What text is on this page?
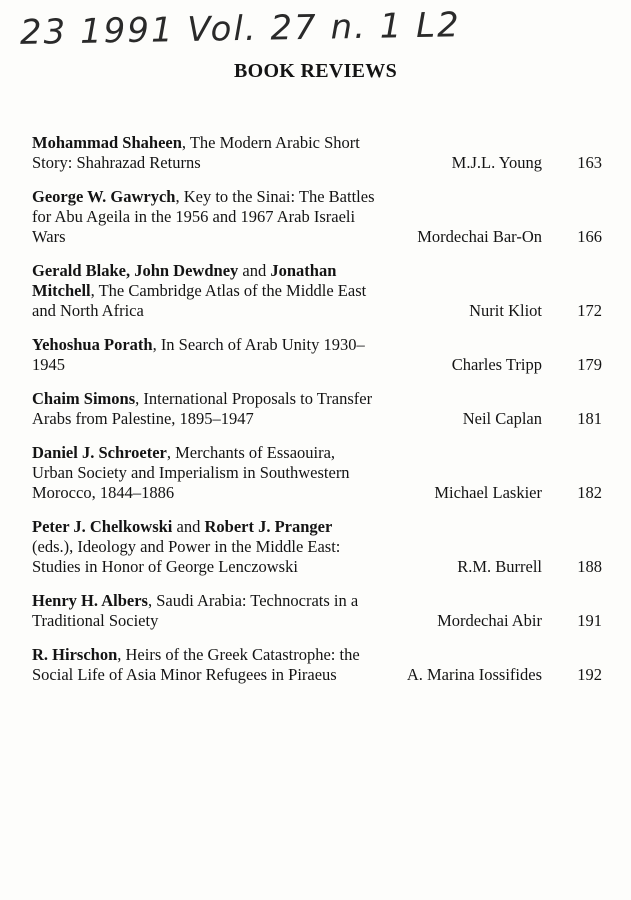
23 1991 Vol. 27 n. 1 L2
BOOK REVIEWS
Mohammad Shaheen, The Modern Arabic Short Story: Shahrazad Returns	M.J.L. Young 163
George W. Gawrych, Key to the Sinai: The Battles for Abu Ageila in the 1956 and 1967 Arab Israeli Wars	Mordechai Bar-On 166
Gerald Blake, John Dewdney and Jonathan Mitchell, The Cambridge Atlas of the Middle East and North Africa	Nurit Kliot 172
Yehoshua Porath, In Search of Arab Unity 1930–1945	Charles Tripp 179
Chaim Simons, International Proposals to Transfer Arabs from Palestine, 1895–1947	Neil Caplan 181
Daniel J. Schroeter, Merchants of Essaouira, Urban Society and Imperialism in Southwestern Morocco, 1844–1886	Michael Laskier 182
Peter J. Chelkowski and Robert J. Pranger (eds.), Ideology and Power in the Middle East: Studies in Honor of George Lenczowski	R.M. Burrell 188
Henry H. Albers, Saudi Arabia: Technocrats in a Traditional Society	Mordechai Abir 191
R. Hirschon, Heirs of the Greek Catastrophe: the Social Life of Asia Minor Refugees in Piraeus	A. Marina Iossifides 192
